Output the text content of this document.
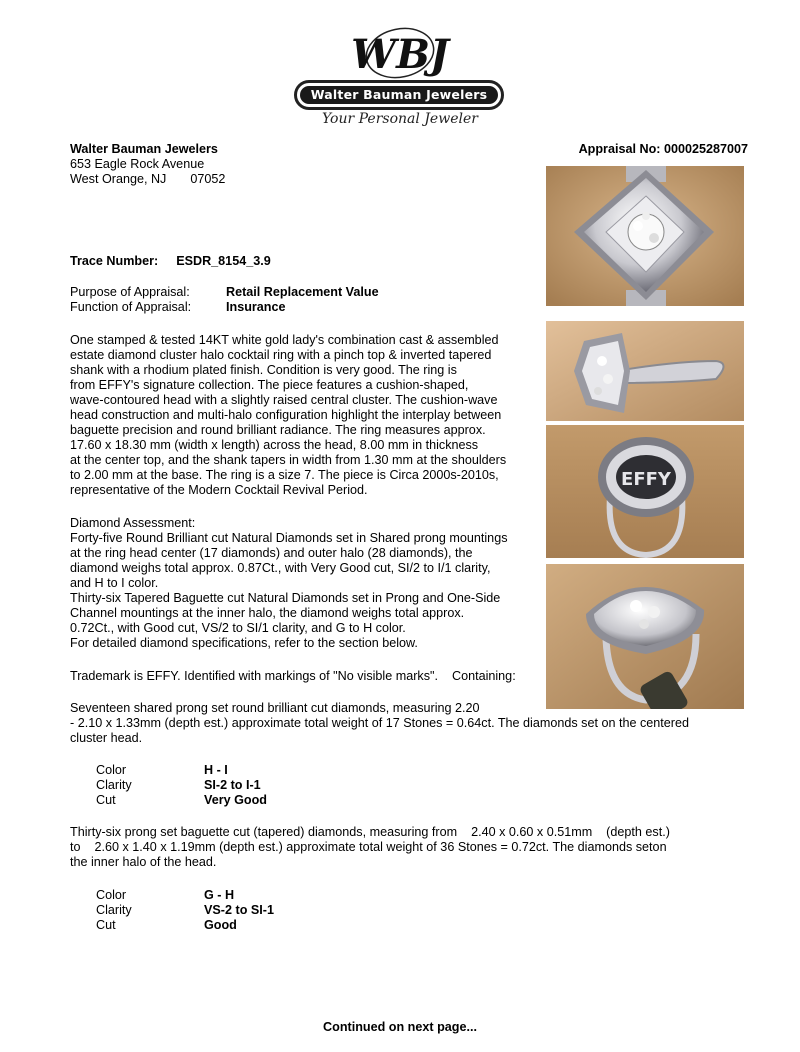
WBJ
Walter Bauman Jewelers
Your Personal Jeweler
Walter Bauman Jewelers
653 Eagle Rock Avenue
West Orange, NJ 07052
Appraisal No: 000025287007
Trace Number: ESDR_8154_3.9
Purpose of Appraisal:	Retail Replacement Value
Function of Appraisal:	Insurance
One stamped & tested 14KT white gold lady's combination cast & assembled
estate diamond cluster halo cocktail ring with a pinch top & inverted tapered
shank with a rhodium plated finish. Condition is very good. The ring is
from EFFY's signature collection. The piece features a cushion-shaped,
wave-contoured head with a slightly raised central cluster. The cushion-wave
head construction and multi-halo configuration highlight the interplay between
baguette precision and round brilliant radiance. The ring measures approx.
17.60 x 18.30 mm (width x length) across the head, 8.00 mm in thickness
at the center top, and the shank tapers in width from 1.30 mm at the shoulders
to 2.00 mm at the base. The ring is a size 7. The piece is Circa 2000s-2010s,
representative of the Modern Cocktail Revival Period.
Diamond Assessment:
Forty-five Round Brilliant cut Natural Diamonds set in Shared prong mountings
at the ring head center (17 diamonds) and outer halo (28 diamonds), the
diamond weighs total approx. 0.87Ct., with Very Good cut, SI/2 to I/1 clarity,
and H to I color.
Thirty-six Tapered Baguette cut Natural Diamonds set in Prong and One-Side
Channel mountings at the inner halo, the diamond weighs total approx.
0.72Ct., with Good cut, VS/2 to SI/1 clarity, and G to H color.
For detailed diamond specifications, refer to the section below.
Trademark is EFFY. Identified with markings of "No visible marks".    Containing:
Seventeen shared prong set round brilliant cut diamonds, measuring 2.20
- 2.10 x 1.33mm (depth est.) approximate total weight of 17 Stones = 0.64ct. The diamonds set on the centered
cluster head.
Color	H - I
Clarity	SI-2 to I-1
Cut	Very Good
Thirty-six prong set baguette cut (tapered) diamonds, measuring from    2.40 x 0.60 x 0.51mm    (depth est.)
to    2.60 x 1.40 x 1.19mm (depth est.) approximate total weight of 36 Stones = 0.72ct. The diamonds seton
the inner halo of the head.
Color	G - H
Clarity	VS-2 to SI-1
Cut	Good
Continued on next page...
EFFY
